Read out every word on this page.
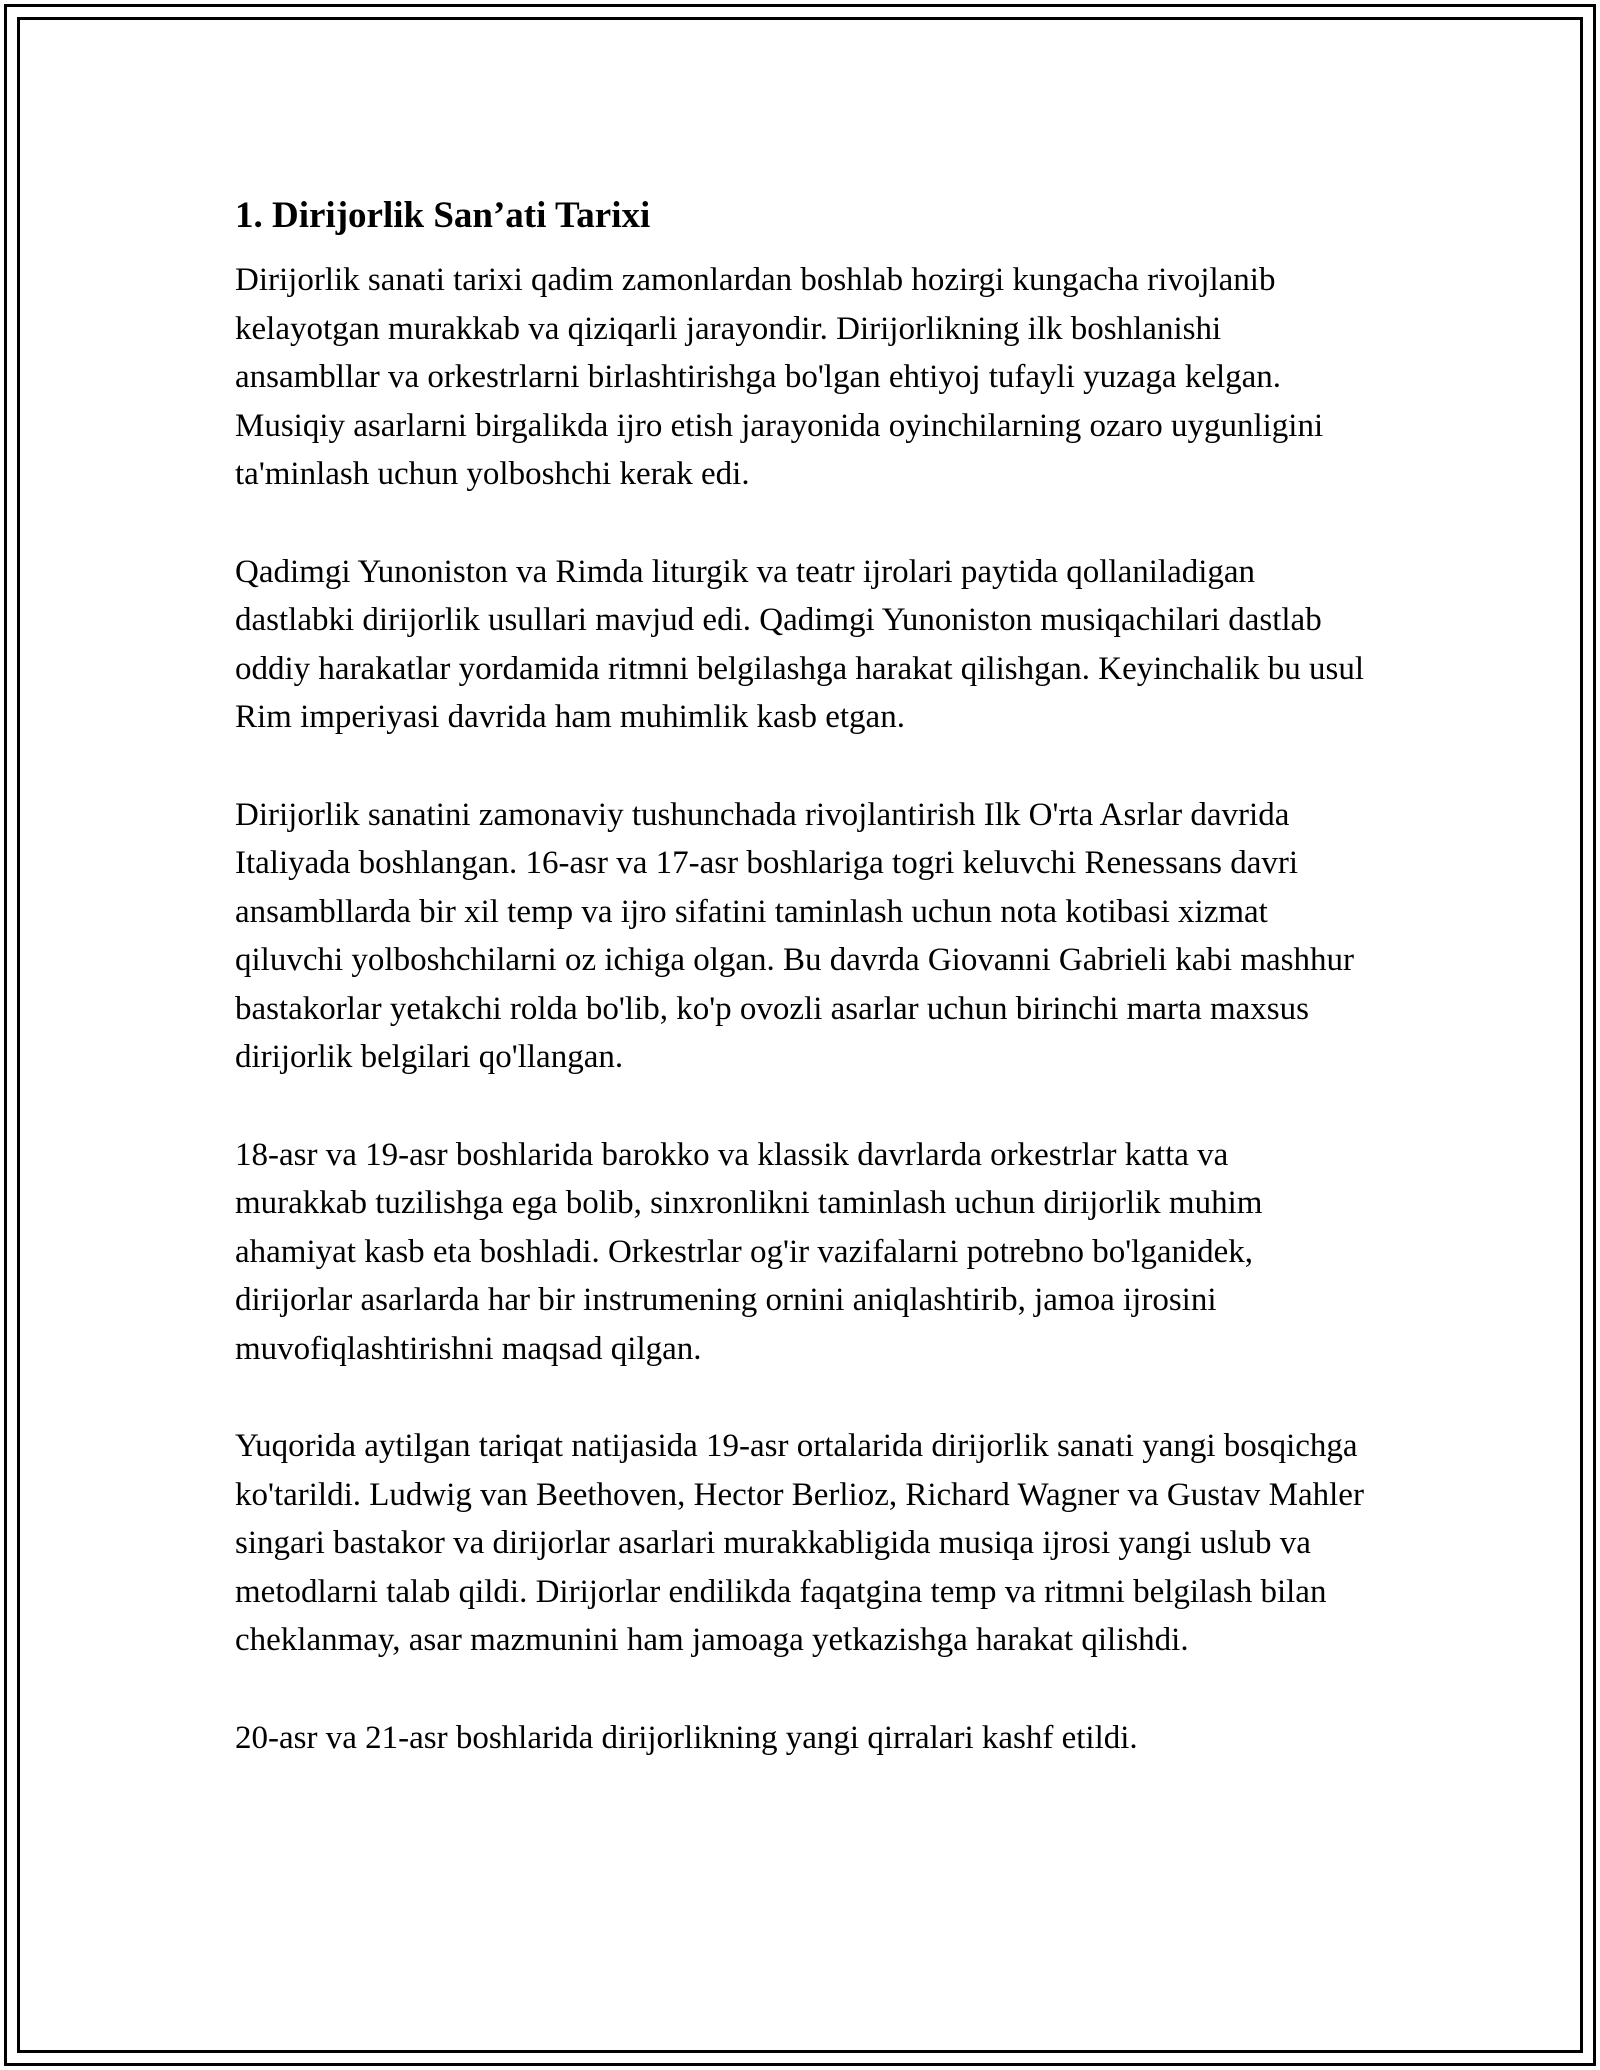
1. Dirijorlik San’ati Tarixi

Dirijorlik sanati tarixi qadim zamonlardan boshlab hozirgi kungacha rivojlanib kelayotgan murakkab va qiziqarli jarayondir. Dirijorlikning ilk boshlanishi ansambllar va orkestrlarni birlashtirishga bo'lgan ehtiyoj tufayli yuzaga kelgan. Musiqiy asarlarni birgalikda ijro etish jarayonida oyinchilarning ozaro uygunligini ta'minlash uchun yolboshchi kerak edi.

Qadimgi Yunoniston va Rimda liturgik va teatr ijrolari paytida qollaniladigan dastlabki dirijorlik usullari mavjud edi. Qadimgi Yunoniston musiqachilari dastlab oddiy harakatlar yordamida ritmni belgilashga harakat qilishgan. Keyinchalik bu usul Rim imperiyasi davrida ham muhimlik kasb etgan.

Dirijorlik sanatini zamonaviy tushunchada rivojlantirish Ilk O'rta Asrlar davrida Italiyada boshlangan. 16-asr va 17-asr boshlariga togri keluvchi Renessans davri ansambllarda bir xil temp va ijro sifatini taminlash uchun nota kotibasi xizmat qiluvchi yolboshchilarni oz ichiga olgan. Bu davrda Giovanni Gabrieli kabi mashhur bastakorlar yetakchi rolda bo'lib, ko'p ovozli asarlar uchun birinchi marta maxsus dirijorlik belgilari qo'llangan.

18-asr va 19-asr boshlarida barokko va klassik davrlarda orkestrlar katta va murakkab tuzilishga ega bolib, sinxronlikni taminlash uchun dirijorlik muhim ahamiyat kasb eta boshladi. Orkestrlar og'ir vazifalarni potrebno bo'lganidek, dirijorlar asarlarda har bir instrumening ornini aniqlashtirib, jamoa ijrosini muvofiqlashtirishni maqsad qilgan.

Yuqorida aytilgan tariqat natijasida 19-asr ortalarida dirijorlik sanati yangi bosqichga ko'tarildi. Ludwig van Beethoven, Hector Berlioz, Richard Wagner va Gustav Mahler singari bastakor va dirijorlar asarlari murakkabligida musiqa ijrosi yangi uslub va metodlarni talab qildi. Dirijorlar endilikda faqatgina temp va ritmni belgilash bilan cheklanmay, asar mazmunini ham jamoaga yetkazishga harakat qilishdi.

20-asr va 21-asr boshlarida dirijorlikning yangi qirralari kashf etildi.
